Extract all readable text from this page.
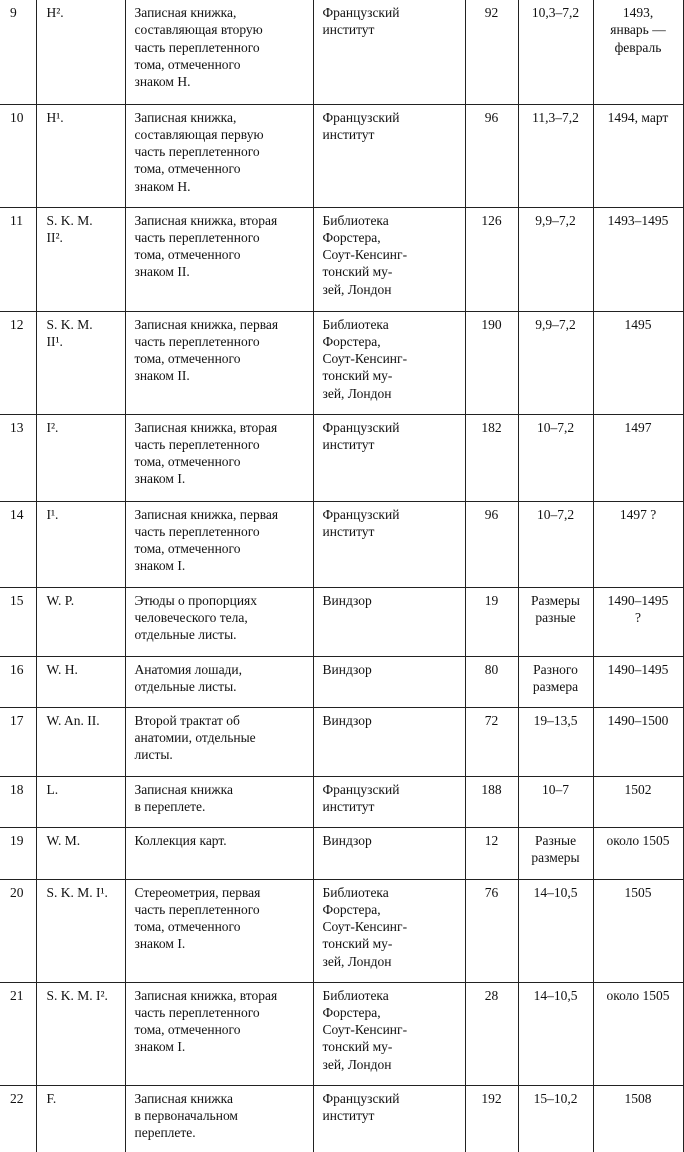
9	H².	Записная книжка,
составляющая вторую
часть переплетенного
тома, отмеченного
знаком H.	Французский
институт	92	10,3–7,2	1493,
январь —
февраль
10	H¹.	Записная книжка,
составляющая первую
часть переплетенного
тома, отмеченного
знаком H.	Французский
институт	96	11,3–7,2	1494, март
11	S. K. M.
II².	Записная книжка, вторая
часть переплетенного
тома, отмеченного
знаком II.	Библиотека
Форстера,
Соут-Кенсинг-
тонский му-
зей, Лондон	126	9,9–7,2	1493–1495
12	S. K. M.
II¹.	Записная книжка, первая
часть переплетенного
тома, отмеченного
знаком II.	Библиотека
Форстера,
Соут-Кенсинг-
тонский му-
зей, Лондон	190	9,9–7,2	1495
13	I².	Записная книжка, вторая
часть переплетенного
тома, отмеченного
знаком I.	Французский
институт	182	10–7,2	1497
14	I¹.	Записная книжка, первая
часть переплетенного
тома, отмеченного
знаком I.	Французский
институт	96	10–7,2	1497 ?
15	W. P.	Этюды о пропорциях
человеческого тела,
отдельные листы.	Виндзор	19	Размеры
разные	1490–1495
?
16	W. H.	Анатомия лошади,
отдельные листы.	Виндзор	80	Разного
размера	1490–1495
17	W. An. II.	Второй трактат об
анатомии, отдельные
листы.	Виндзор	72	19–13,5	1490–1500
18	L.	Записная книжка
в переплете.	Французский
институт	188	10–7	1502
19	W. M.	Коллекция карт.	Виндзор	12	Разные
размеры	около 1505
20	S. K. M. I¹.	Стереометрия, первая
часть переплетенного
тома, отмеченного
знаком I.	Библиотека
Форстера,
Соут-Кенсинг-
тонский му-
зей, Лондон	76	14–10,5	1505
21	S. K. M. I².	Записная книжка, вторая
часть переплетенного
тома, отмеченного
знаком I.	Библиотека
Форстера,
Соут-Кенсинг-
тонский му-
зей, Лондон	28	14–10,5	около 1505
22	F.	Записная книжка
в первоначальном
переплете.	Французский
институт	192	15–10,2	1508
